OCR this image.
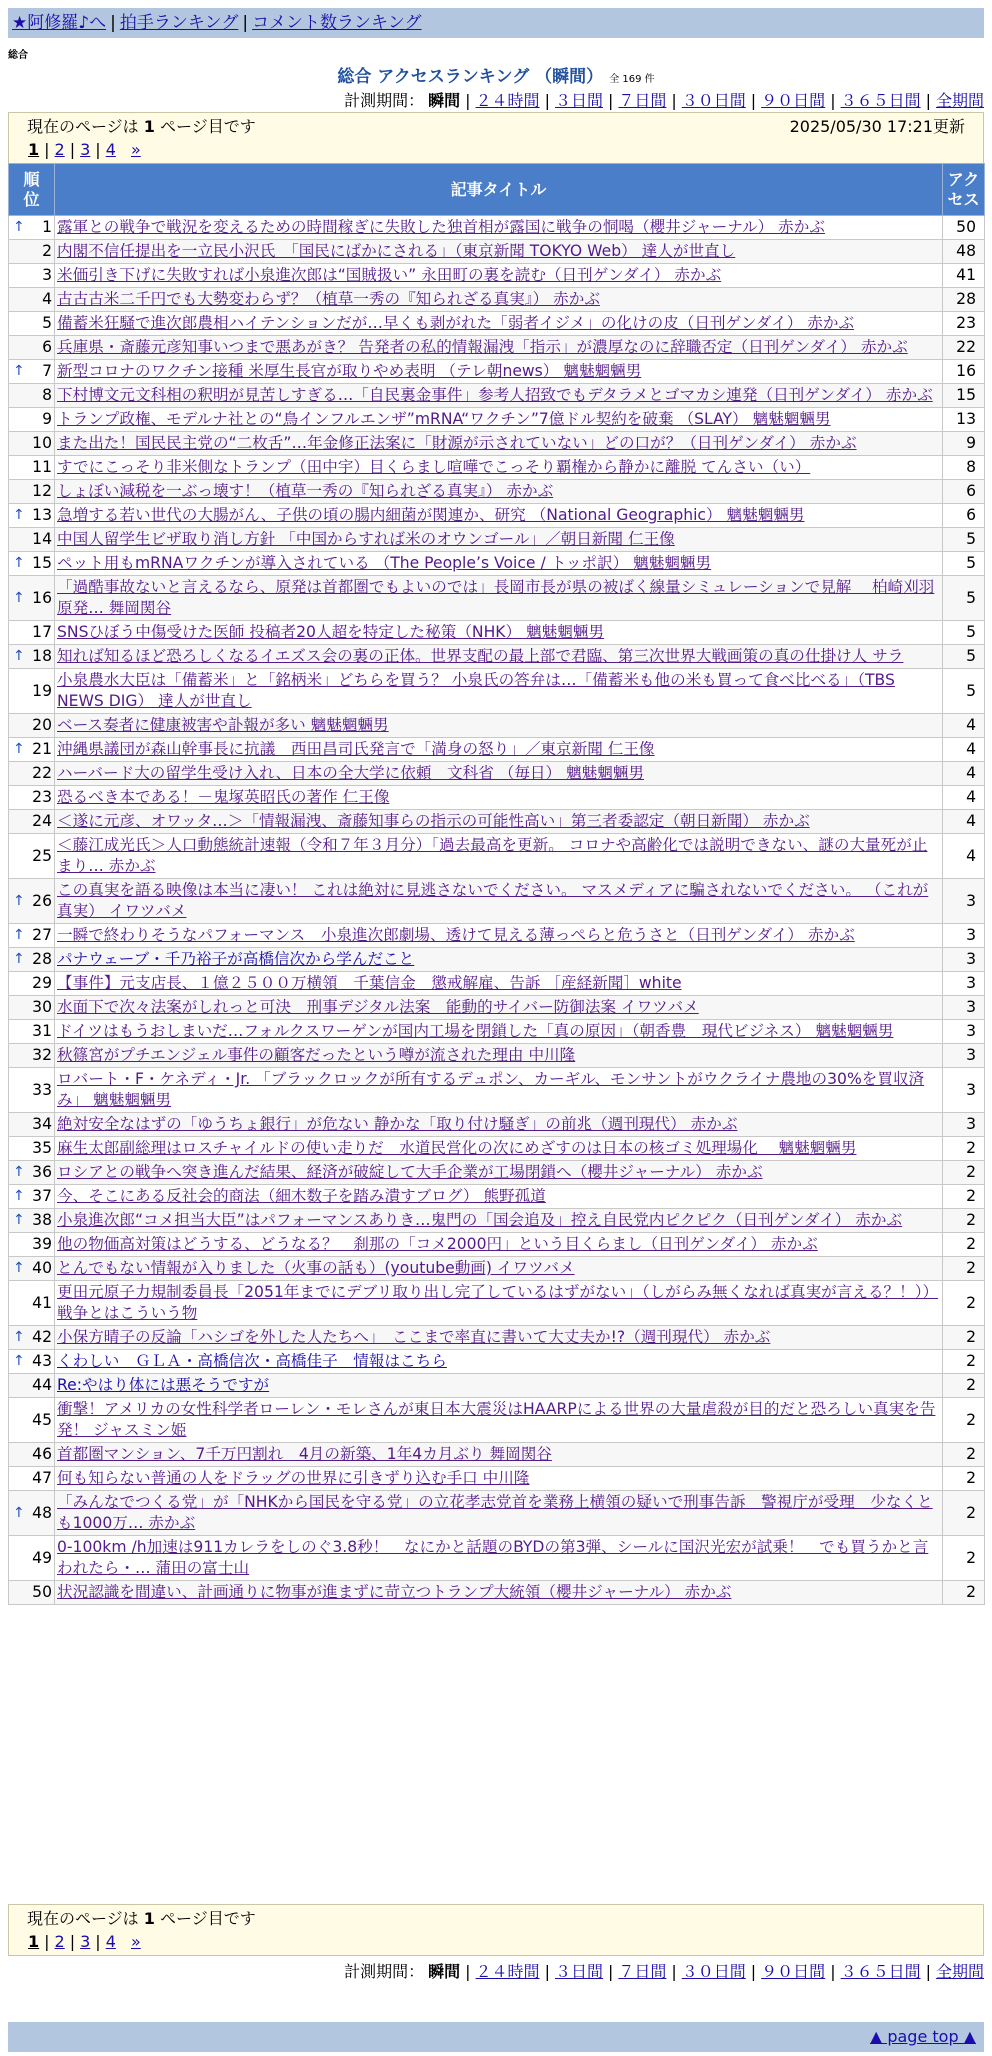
★阿修羅♪へ | 拍手ランキング | コメント数ランキング
総合
総合 アクセスランキング （瞬間） 全 169 件
計測期間： 瞬間 | ２４時間 | ３日間 | ７日間 | ３０日間 | ９０日間 | ３６５日間 | 全期間
現在のページは 1 ページ目です	2025/05/30 17:21更新
1 | 2 | 3 | 4 »
順
位	記事タイトル	アク
セス

↑ 1	露軍との戦争で戦況を変えるための時間稼ぎに失敗した独首相が露国に戦争の恫喝（櫻井ジャーナル） 赤かぶ	50
2	内閣不信任提出を一立民小沢氏　「国民にばかにされる」（東京新聞 TOKYO Web） 達人が世直し	48
3	米価引き下げに失敗すれば小泉進次郎は“国賊扱い” 永田町の裏を読む（日刊ゲンダイ） 赤かぶ	41
4	古古古米二千円でも大勢変わらず？（植草一秀の『知られざる真実』） 赤かぶ	28
5	備蓄米狂騒で進次郎農相ハイテンションだが…早くも剥がれた「弱者イジメ」の化けの皮（日刊ゲンダイ） 赤かぶ	23
6	兵庫県・斎藤元彦知事いつまで悪あがき？ 告発者の私的情報漏洩「指示」が濃厚なのに辞職否定（日刊ゲンダイ） 赤かぶ	22

↑ 7	新型コロナのワクチン接種 米厚生長官が取りやめ表明 （テレ朝news） 魑魅魍魎男	16
8	下村博文元文科相の釈明が見苦しすぎる…「自民裏金事件」参考人招致でもデタラメとゴマカシ連発（日刊ゲンダイ） 赤かぶ	15
9	トランプ政権、モデルナ社との“鳥インフルエンザ”mRNA“ワクチン”7億ドル契約を破棄 （SLAY） 魑魅魍魎男	13
10	また出た！国民民主党の“二枚舌”…年金修正法案に「財源が示されていない」どの口が？（日刊ゲンダイ） 赤かぶ	9
11	すでにこっそり非米側なトランプ（田中宇）目くらまし喧嘩でこっそり覇権から静かに離脱 てんさい（い）	8
12	しょぼい減税を一ぶっ壊す！（植草一秀の『知られざる真実』） 赤かぶ	6

↑ 13	急増する若い世代の大腸がん、子供の頃の腸内細菌が関連か、研究 （National Geographic） 魑魅魍魎男	6
14	中国人留学生ビザ取り消し方針 「中国からすれば米のオウンゴール」／朝日新聞 仁王像	5

↑ 15	ペット用もmRNAワクチンが導入されている （The People’s Voice / トッポ訳） 魑魅魍魎男	5

↑ 16	「過酷事故ないと言えるなら、原発は首都圏でもよいのでは」長岡市長が県の被ばく線量シミュレーションで見解　 柏崎刈羽原発… 舞岡関谷	5
17	SNSひぼう中傷受けた医師 投稿者20人超を特定した秘策（NHK） 魑魅魍魎男	5

↑ 18	知れば知るほど恐ろしくなるイエズス会の裏の正体。世界支配の最上部で君臨、第三次世界大戦画策の真の仕掛け人 サラ	5
19	小泉農水大臣は「備蓄米」と「銘柄米」どちらを買う？ 小泉氏の答弁は…「備蓄米も他の米も買って食べ比べる」（TBS NEWS DIG） 達人が世直し	5
20	ベース奏者に健康被害や訃報が多い 魑魅魍魎男	4

↑ 21	沖縄県議団が森山幹事長に抗議　西田昌司氏発言で「満身の怒り」／東京新聞 仁王像	4
22	ハーバード大の留学生受け入れ、日本の全大学に依頼　文科省 （毎日） 魑魅魍魎男	4
23	恐るべき本である！－鬼塚英昭氏の著作 仁王像	4
24	＜遂に元彦、オワッタ…＞「情報漏洩、斎藤知事らの指示の可能性高い」第三者委認定（朝日新聞） 赤かぶ	4
25	＜藤江成光氏＞人口動態統計速報（令和７年３月分）「過去最高を更新。 コロナや高齢化では説明できない、謎の大量死が止まり… 赤かぶ	4

↑ 26	この真実を語る映像は本当に凄い！ これは絶対に見逃さないでください。 マスメディアに騙されないでください。 （これが真実） イワツバメ	3

↑ 27	一瞬で終わりそうなパフォーマンス　小泉進次郎劇場、透けて見える薄っぺらと危うさと（日刊ゲンダイ） 赤かぶ	3

↑ 28	パナウェーブ・千乃裕子が高橋信次から学んだこと	3
29	【事件】元支店長、１億２５００万横領　千葉信金　懲戒解雇、告訴 ［産経新聞］white	3
30	水面下で次々法案がしれっと可決　刑事デジタル法案　能動的サイバー防御法案 イワツバメ	3
31	ドイツはもうおしまいだ…フォルクスワーゲンが国内工場を閉鎖した「真の原因」（朝香豊　現代ビジネス） 魑魅魍魎男	3
32	秋篠宮がプチエンジェル事件の顧客だったという噂が流された理由 中川隆	3
33	ロバート・F・ケネディ・Jr. 「ブラックロックが所有するデュポン、カーギル、モンサントがウクライナ農地の30%を買収済み」 魑魅魍魎男	3
34	絶対安全なはずの「ゆうちょ銀行」が危ない 静かな「取り付け騒ぎ」の前兆（週刊現代） 赤かぶ	3
35	麻生太郎副総理はロスチャイルドの使い走りだ　水道民営化の次にめざすのは日本の核ゴミ処理場化　 魑魅魍魎男	2

↑ 36	ロシアとの戦争へ突き進んだ結果、経済が破綻して大手企業が工場閉鎖へ（櫻井ジャーナル） 赤かぶ	2

↑ 37	今、そこにある反社会的商法（細木数子を踏み潰すブログ） 熊野孤道	2

↑ 38	小泉進次郎“コメ担当大臣”はパフォーマンスありき…鬼門の「国会追及」控え自民党内ピクピク（日刊ゲンダイ） 赤かぶ	2
39	他の物価高対策はどうする、どうなる？　刹那の「コメ2000円」という目くらまし（日刊ゲンダイ） 赤かぶ	2

↑ 40	とんでもない情報が入りました（火事の話も）(youtube動画) イワツバメ	2
41	更田元原子力規制委員長「2051年までにデブリ取り出し完了しているはずがない」（しがらみ無くなれば真実が言える？！）） 戦争とはこういう物	2

↑ 42	小保方晴子の反論「ハシゴを外した人たちへ」　ここまで率直に書いて大丈夫か!?（週刊現代） 赤かぶ	2

↑ 43	くわしい　ＧＬＡ・高橋信次・高橋佳子　情報はこちら	2
44	Re:やはり体には悪そうですが	2
45	衝撃！アメリカの女性科学者ローレン・モレさんが東日本大震災はHAARPによる世界の大量虐殺が目的だと恐ろしい真実を告発！ ジャスミン姫	2
46	首都圏マンション、7千万円割れ　4月の新築、1年4カ月ぶり 舞岡関谷	2
47	何も知らない普通の人をドラッグの世界に引きずり込む手口 中川隆	2

↑ 48	「みんなでつくる党」が「NHKから国民を守る党」の立花孝志党首を業務上横領の疑いで刑事告訴　警視庁が受理　少なくとも1000万… 赤かぶ	2
49	0-100km /h加速は911カレラをしのぐ3.8秒！　なにかと話題のBYDの第3弾、シールに国沢光宏が試乗！　でも買うかと言われたら・… 蒲田の富士山	2
50	状況認識を間違い、計画通りに物事が進まずに苛立つトランプ大統領（櫻井ジャーナル） 赤かぶ	2
現在のページは 1 ページ目です
1 | 2 | 3 | 4 »
計測期間： 瞬間 | ２４時間 | ３日間 | ７日間 | ３０日間 | ９０日間 | ３６５日間 | 全期間
▲ page top ▲
